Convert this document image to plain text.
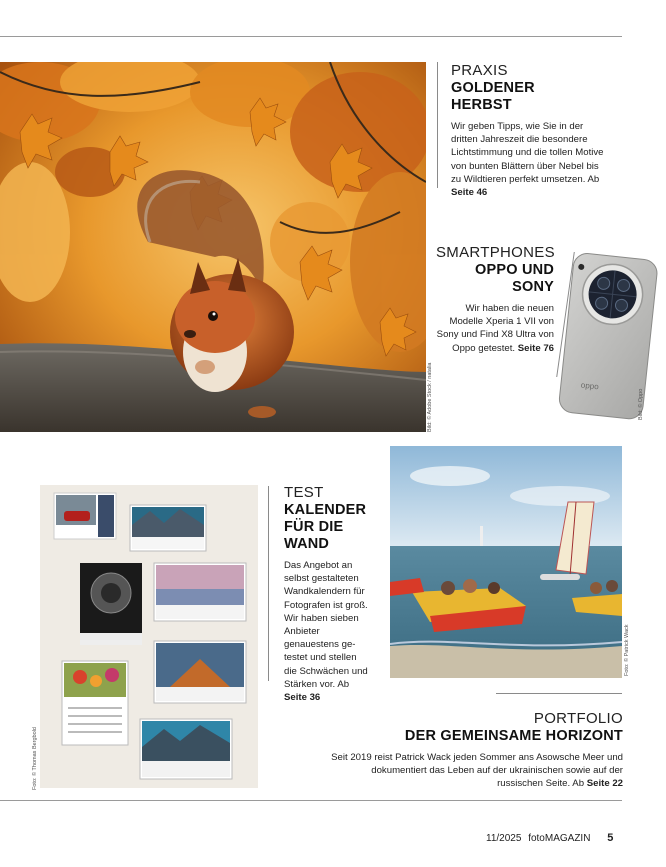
Bild: © Adobe Stock / natalia
PRAXIS
GOLDENER
HERBST
Wir geben Tipps, wie Sie in der dritten Jahreszeit die besondere Lichtstimmung und die tollen Motive von bunten Blättern über Nebel bis zu Wildtieren perfekt umsetzen. Ab Seite 46
SMARTPHONES
OPPO UND
SONY
Wir haben die neuen Modelle Xperia 1 VII von Sony und Find X8 Ultra von Oppo getestet. Seite 76
oppo
Bild: © Oppo
Foto: © Thomas Bergbold
TEST
KALENDER
FÜR DIE
WAND
Das Angebot an selbst gestalteten Wandkalendern für Fotografen ist groß. Wir haben sieben Anbieter genauestens ge-testet und stellen die Schwächen und Stärken vor. Ab Seite 36
Foto: © Patrick Wack
PORTFOLIO
DER GEMEINSAME HORIZONT
Seit 2019 reist Patrick Wack jeden Sommer ans Asowsche Meer und dokumentiert das Leben auf der ukrainischen sowie auf der russischen Seite. Ab Seite 22
11/2025 fotoMAGAZIN 5
